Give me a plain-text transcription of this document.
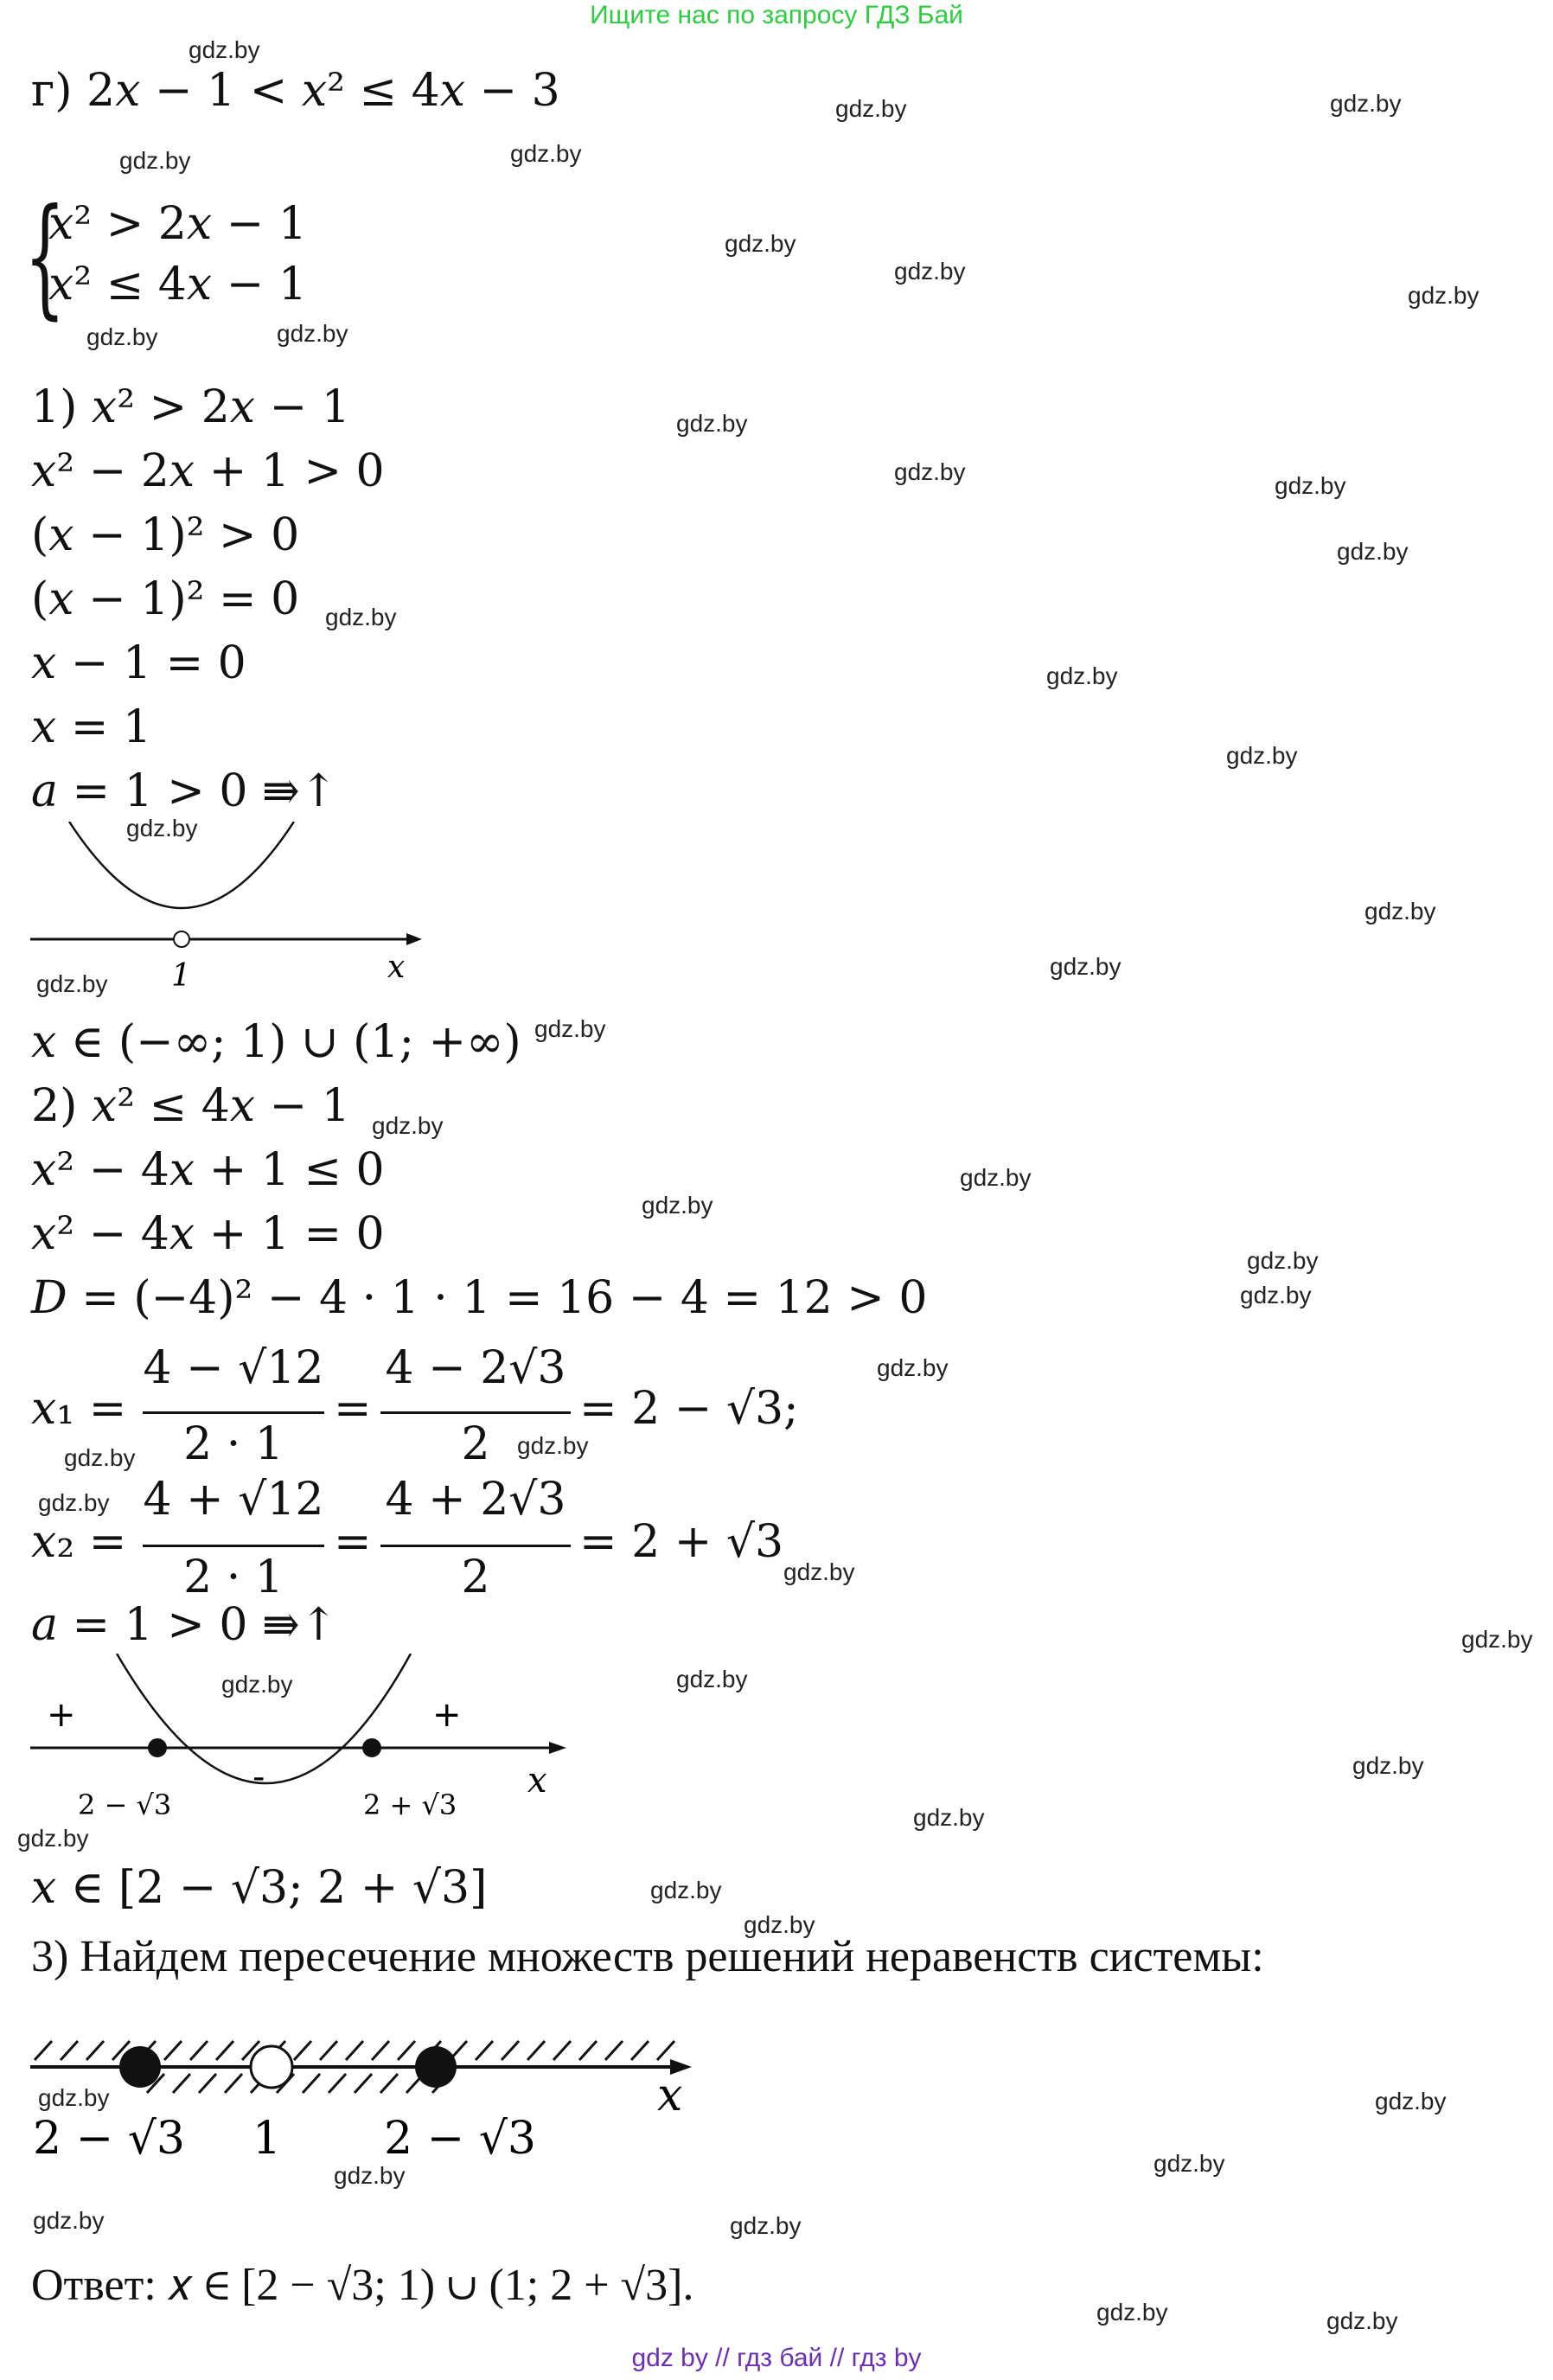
Ищите нас по запросу ГДЗ Бай
г) 2𝑥 − 1 < 𝑥² ≤ 4𝑥 − 3
{
𝑥² > 2𝑥 − 1
𝑥² ≤ 4𝑥 − 1
1) 𝑥² > 2𝑥 − 1
𝑥² − 2𝑥 + 1 > 0
(𝑥 − 1)² > 0
(𝑥 − 1)² = 0
𝑥 − 1 = 0
𝑥 = 1
𝑎 = 1 > 0 ⇛↑
1	x
𝑥 ∈ (−∞; 1) ∪ (1; +∞)
2) 𝑥² ≤ 4𝑥 − 1
𝑥² − 4𝑥 + 1 ≤ 0
𝑥² − 4𝑥 + 1 = 0
𝐷 = (−4)² − 4 · 1 · 1 = 16 − 4 = 12 > 0
𝑥₁ =
4 − √12
2 · 1
=
4 − 2√3
2
= 2 − √3;
𝑥₂ =
4 + √12
2 · 1
=
4 + 2√3
2
= 2 + √3
𝑎 = 1 > 0 ⇛↑
+
-
+
2 − √3	2 + √3
x
𝑥 ∈ [2 − √3; 2 + √3]
3) Найдем пересечение множеств решений неравенств системы:
x
2 − √3 1 2 − √3
Ответ: 𝑥 ∈ [2 − √3; 1) ∪ (1; 2 + √3].
gdz.by
gdz.by	gdz.by
gdz.by	gdz.by
gdz.by
gdz.by
gdz.by
gdz.by	gdz.by
gdz.by
gdz.by
gdz.by
gdz.by
gdz.by
gdz.by
gdz.by
gdz.by
gdz.by
gdz.by
gdz.by
gdz.by
gdz.by
gdz.by
gdz.by
gdz.by
gdz.by
gdz.by
gdz.by
gdz.by
gdz.by
gdz.by
gdz.by
gdz.by	gdz.by
gdz.by
gdz.by
gdz.by
gdz.by
gdz.by
gdz.by	gdz.by
gdz.by
gdz.by
gdz.by	gdz.by
gdz.by	gdz.by
gdz by // гдз бай // гдз by
